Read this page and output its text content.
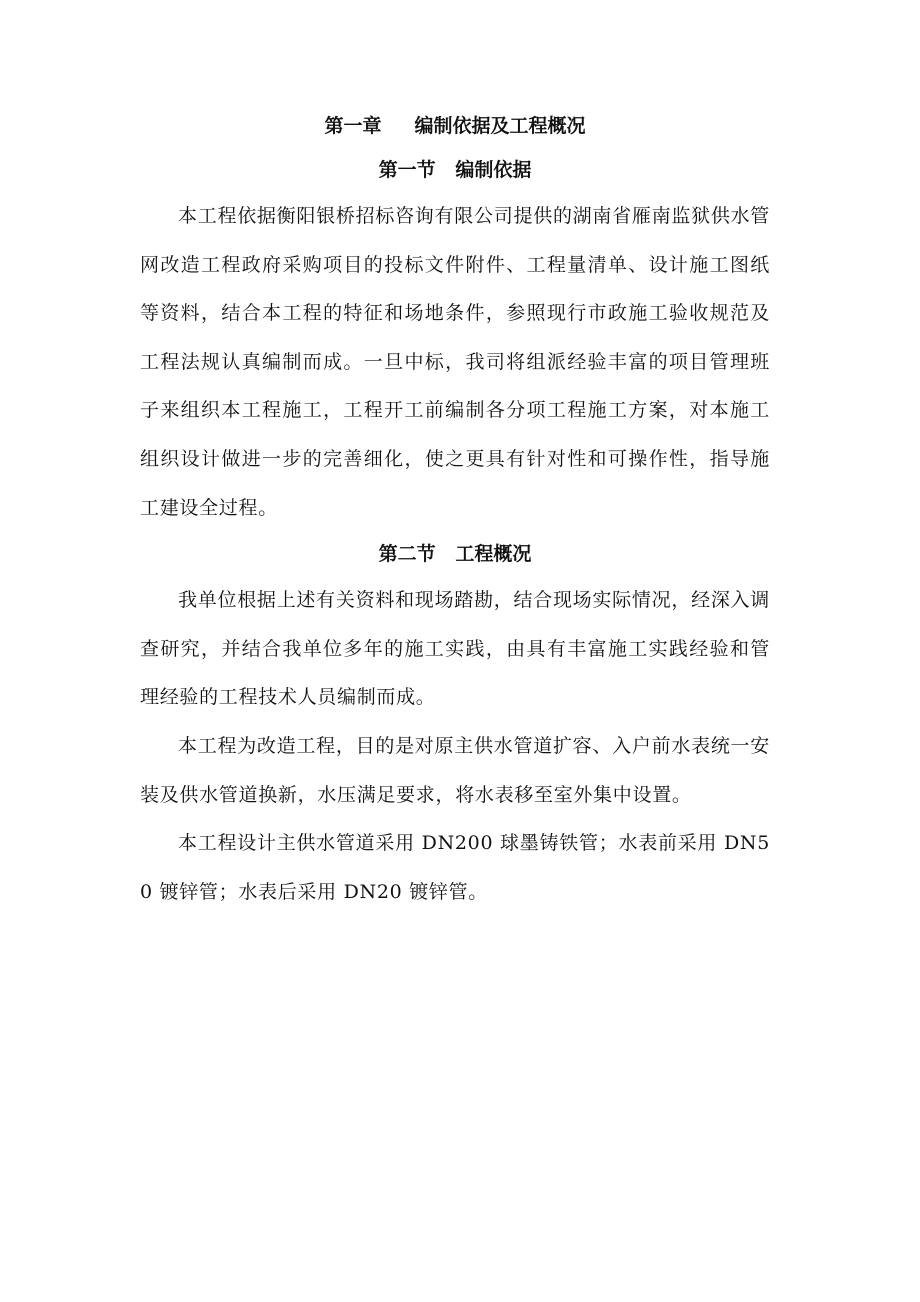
第一章     编制依据及工程概况
第一节   编制依据

本工程依据衡阳银桥招标咨询有限公司提供的湖南省雁南监狱供水管网改造工程政府采购项目的投标文件附件、工程量清单、设计施工图纸等资料，结合本工程的特征和场地条件，参照现行市政施工验收规范及工程法规认真编制而成。一旦中标，我司将组派经验丰富的项目管理班子来组织本工程施工，工程开工前编制各分项工程施工方案，对本施工组织设计做进一步的完善细化，使之更具有针对性和可操作性，指导施工建设全过程。

第二节   工程概况

我单位根据上述有关资料和现场踏勘，结合现场实际情况，经深入调查研究，并结合我单位多年的施工实践，由具有丰富施工实践经验和管理经验的工程技术人员编制而成。

本工程为改造工程，目的是对原主供水管道扩容、入户前水表统一安装及供水管道换新，水压满足要求，将水表移至室外集中设置。

本工程设计主供水管道采用 DN200 球墨铸铁管；水表前采用 DN50 镀锌管；水表后采用 DN20 镀锌管。
